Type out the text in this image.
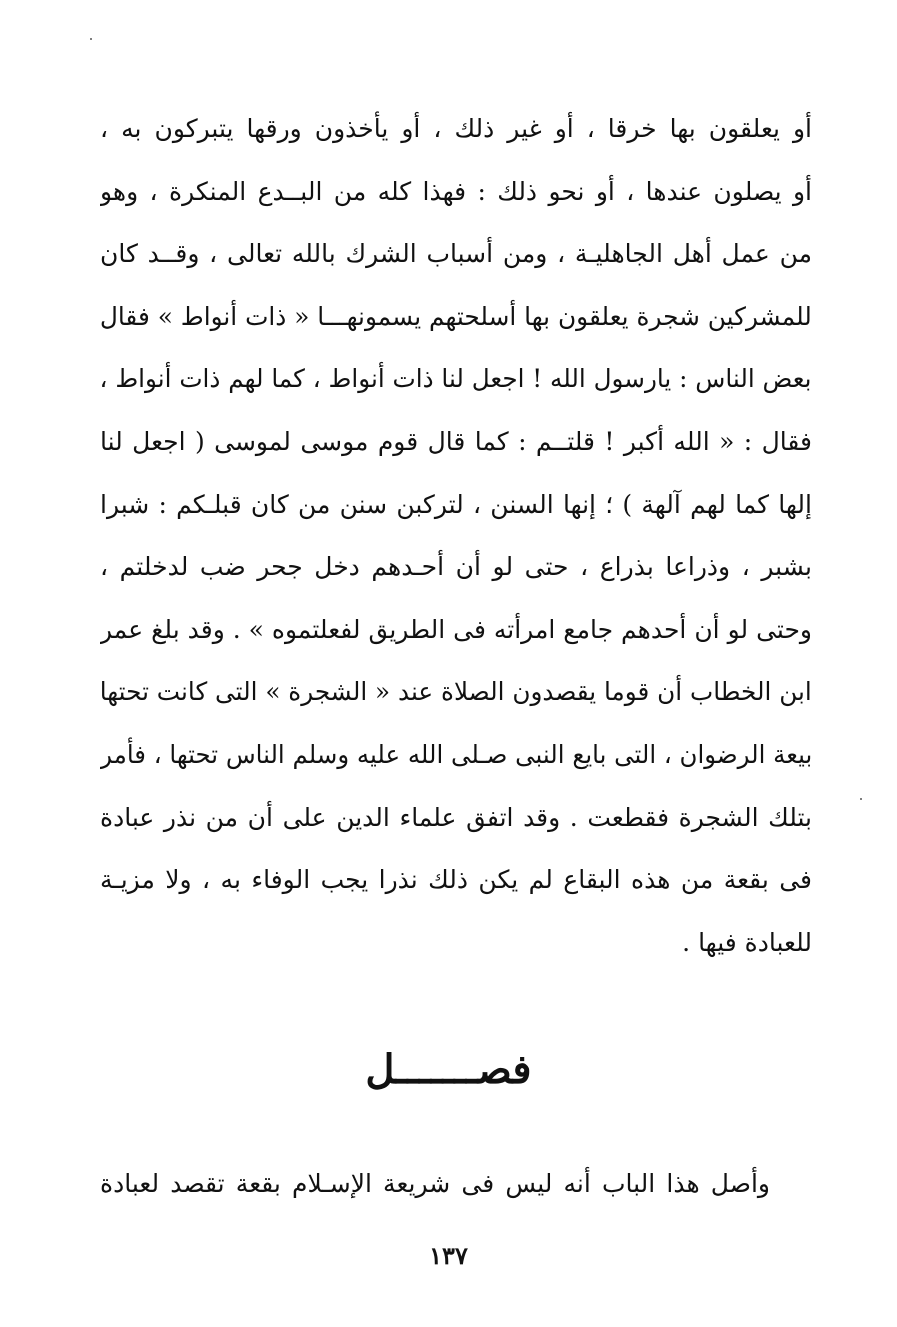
أو يعلقون بها خرقا ، أو غير ذلك ، أو يأخذون ورقها يتبركون به ،
أو يصلون عندها ، أو نحو ذلك : فهذا كله من البــدع المنكرة ، وهو
من عمل أهل الجاهليـة ، ومن أسباب الشرك بالله تعالى ، وقــد كان
للمشركين شجرة يعلقون بها أسلحتهم يسمونهـــا « ذات أنواط » فقال
بعض الناس : يارسول الله ! اجعل لنا ذات أنواط ، كما لهم ذات أنواط ،
فقال : « الله أكبر ! قلتــم : كما قال قوم موسى لموسى ( اجعل لنا
إلها كما لهم آلهة ) ؛ إنها السنن ، لتركبن سنن من كان قبلـكم : شبرا
بشبر ، وذراعا بذراع ، حتى لو أن أحـدهم دخل جحر ضب لدخلتم ،
وحتى لو أن أحدهم جامع امرأته فى الطريق لفعلتموه » . وقد بلغ عمر
ابن الخطاب أن قوما يقصدون الصلاة عند « الشجرة » التى كانت تحتها
بيعة الرضوان ، التى بايع النبى صـلى الله عليه وسلم الناس تحتها ، فأمر
بتلك الشجرة فقطعت . وقد اتفق علماء الدين على أن من نذر عبادة
فى بقعة من هذه البقاع لم يكن ذلك نذرا يجب الوفاء به ، ولا مزيـة
للعبادة فيها .
فصـــــــل
وأصل هذا الباب أنه ليس فى شريعة الإسـلام بقعة تقصد لعبادة
١٣٧
